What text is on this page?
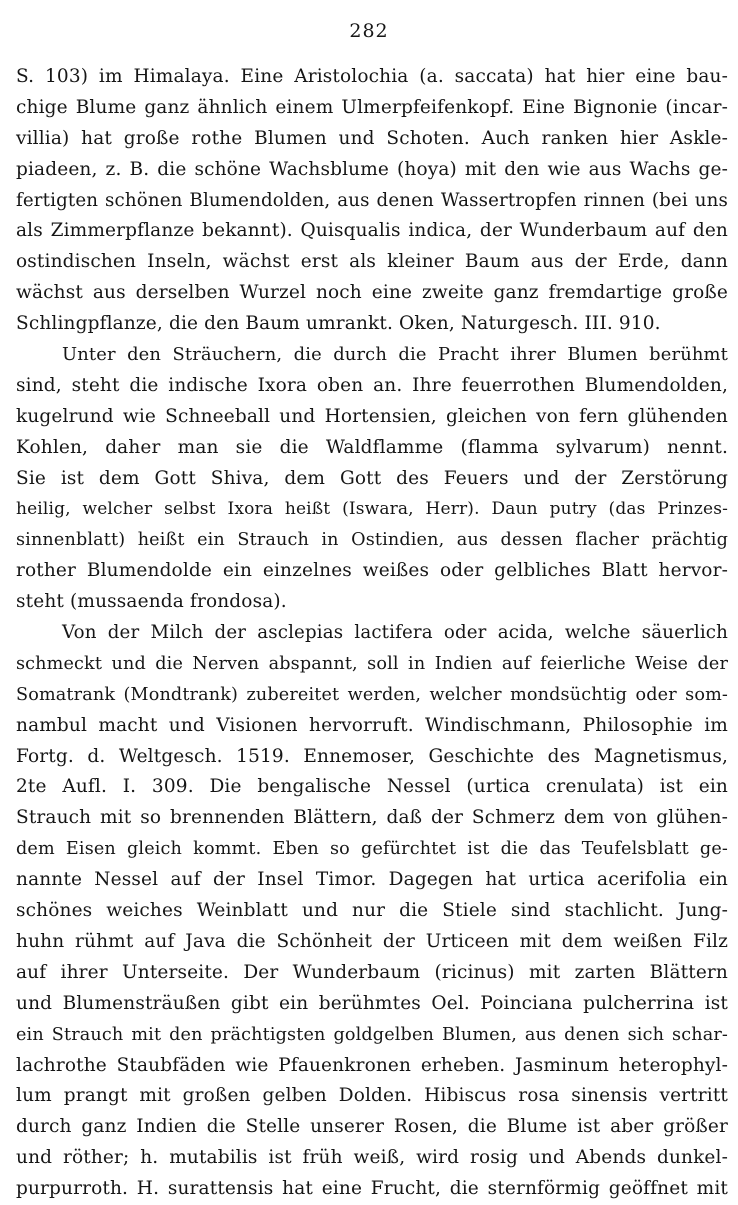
282
S. 103) im Himalaya. Eine Aristolochia (a. saccata) hat hier eine bau-
chige Blume ganz ähnlich einem Ulmerpfeifenkopf. Eine Bignonie (incar-
villia) hat große rothe Blumen und Schoten. Auch ranken hier Askle-
piadeen, z. B. die schöne Wachsblume (hoya) mit den wie aus Wachs ge-
fertigten schönen Blumendolden, aus denen Wassertropfen rinnen (bei uns
als Zimmerpflanze bekannt). Quisqualis indica, der Wunderbaum auf den
ostindischen Inseln, wächst erst als kleiner Baum aus der Erde, dann
wächst aus derselben Wurzel noch eine zweite ganz fremdartige große
Schlingpflanze, die den Baum umrankt. Oken, Naturgesch. III. 910.
Unter den Sträuchern, die durch die Pracht ihrer Blumen berühmt
sind, steht die indische Ixora oben an. Ihre feuerrothen Blumendolden,
kugelrund wie Schneeball und Hortensien, gleichen von fern glühenden
Kohlen, daher man sie die Waldflamme (flamma sylvarum) nennt.
Sie ist dem Gott Shiva, dem Gott des Feuers und der Zerstörung
heilig, welcher selbst Ixora heißt (Iswara, Herr). Daun putry (das Prinzes-
sinnenblatt) heißt ein Strauch in Ostindien, aus dessen flacher prächtig
rother Blumendolde ein einzelnes weißes oder gelbliches Blatt hervor-
steht (mussaenda frondosa).
Von der Milch der asclepias lactifera oder acida, welche säuerlich
schmeckt und die Nerven abspannt, soll in Indien auf feierliche Weise der
Somatrank (Mondtrank) zubereitet werden, welcher mondsüchtig oder som-
nambul macht und Visionen hervorruft. Windischmann, Philosophie im
Fortg. d. Weltgesch. 1519. Ennemoser, Geschichte des Magnetismus,
2te Aufl. I. 309. Die bengalische Nessel (urtica crenulata) ist ein
Strauch mit so brennenden Blättern, daß der Schmerz dem von glühen-
dem Eisen gleich kommt. Eben so gefürchtet ist die das Teufelsblatt ge-
nannte Nessel auf der Insel Timor. Dagegen hat urtica acerifolia ein
schönes weiches Weinblatt und nur die Stiele sind stachlicht. Jung-
huhn rühmt auf Java die Schönheit der Urticeen mit dem weißen Filz
auf ihrer Unterseite. Der Wunderbaum (ricinus) mit zarten Blättern
und Blumensträußen gibt ein berühmtes Oel. Poinciana pulcherrina ist
ein Strauch mit den prächtigsten goldgelben Blumen, aus denen sich schar-
lachrothe Staubfäden wie Pfauenkronen erheben. Jasminum heterophyl-
lum prangt mit großen gelben Dolden. Hibiscus rosa sinensis vertritt
durch ganz Indien die Stelle unserer Rosen, die Blume ist aber größer
und röther; h. mutabilis ist früh weiß, wird rosig und Abends dunkel-
purpurroth. H. surattensis hat eine Frucht, die sternförmig geöffnet mit
